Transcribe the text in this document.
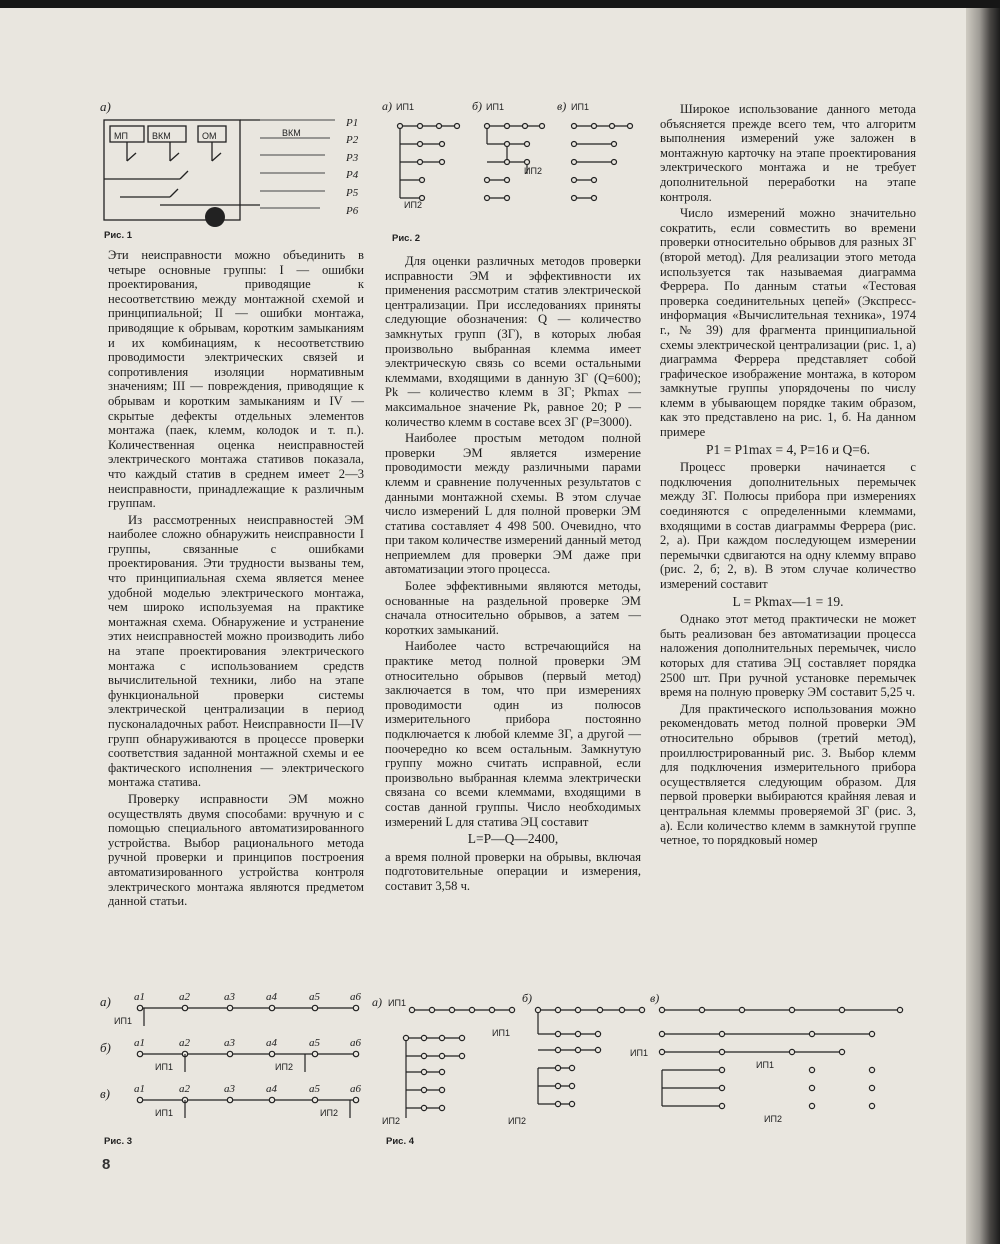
а)
МП	ВКМ	ОМ	ВКМ
Р1
Р2
Р3
Р4
Р5
Р6
Рис. 1
а)	б)	в)
ИП1	ИП1	ИП1
ИП2
ИП2
Рис. 2

Эти неисправности можно объединить в четыре основные группы: I — ошибки проектирования, приводящие к несоответствию между монтажной схемой и принципиальной; II — ошибки монтажа, приводящие к обрывам, коротким замыканиям и их комбинациям, к несоответствию проводимости электрических связей и сопротивления изоляции нормативным значениям; III — повреждения, приводящие к обрывам и коротким замыканиям и IV — скрытые дефекты отдельных элементов монтажа (паек, клемм, колодок и т. п.). Количественная оценка неисправностей электрического монтажа стативов показала, что каждый статив в среднем имеет 2—3 неисправности, принадлежащие к различным группам.

Из рассмотренных неисправностей ЭМ наиболее сложно обнаружить неисправности I группы, связанные с ошибками проектирования. Эти трудности вызваны тем, что принципиальная схема является менее удобной моделью электрического монтажа, чем широко используемая на практике монтажная схема. Обнаружение и устранение этих неисправностей можно производить либо на этапе проектирования электрического монтажа с использованием средств вычислительной техники, либо на этапе функциональной проверки системы электрической централизации в период пусконаладочных работ. Неисправности II—IV групп обнаруживаются в процессе проверки соответствия заданной монтажной схемы и ее фактического исполнения — электрического монтажа статива.

Проверку исправности ЭМ можно осуществлять двумя способами: вручную и с помощью специального автоматизированного устройства. Выбор рационального метода ручной проверки и принципов построения автоматизированного устройства контроля электрического монтажа являются предметом данной статьи.

Для оценки различных методов проверки исправности ЭМ и эффективности их применения рассмотрим статив электрической централизации. При исследованиях приняты следующие обозначения: Q — количество замкнутых групп (ЗГ), в которых любая произвольно выбранная клемма имеет электрическую связь со всеми остальными клеммами, входящими в данную ЗГ (Q=600); Pk — количество клемм в ЗГ; Pkmax — максимальное значение Pk, равное 20; P — количество клемм в составе всех ЗГ (P=3000).

Наиболее простым методом полной проверки ЭМ является измерение проводимости между различными парами клемм и сравнение полученных результатов с данными монтажной схемы. В этом случае число измерений L для полной проверки ЭМ статива составляет 4 498 500. Очевидно, что при таком количестве измерений данный метод неприемлем для проверки ЭМ даже при автоматизации этого процесса.

Более эффективными являются методы, основанные на раздельной проверке ЭМ сначала относительно обрывов, а затем — коротких замыканий.

Наиболее часто встречающийся на практике метод полной проверки ЭМ относительно обрывов (первый метод) заключается в том, что при измерениях проводимости один из полюсов измерительного прибора постоянно подключается к любой клемме ЗГ, а другой — поочередно ко всем остальным. Замкнутую группу можно считать исправной, если произвольно выбранная клемма электрически связана со всеми клеммами, входящими в состав данной группы. Число необходимых измерений L для статива ЭЦ составит

L=P—Q—2400,

а время полной проверки на обрывы, включая подготовительные операции и измерения, составит 3,58 ч.

Широкое использование данного метода объясняется прежде всего тем, что алгоритм выполнения измерений уже заложен в монтажную карточку на этапе проектирования электрического монтажа и не требует дополнительной переработки на этапе контроля.

Число измерений можно значительно сократить, если совместить во времени проверки относительно обрывов для разных ЗГ (второй метод). Для реализации этого метода используется так называемая диаграмма Феррера. По данным статьи «Тестовая проверка соединительных цепей» (Экспресс-информация «Вычислительная техника», 1974 г., № 39) для фрагмента принципиальной схемы электрической централизации (рис. 1, а) диаграмма Феррера представляет собой графическое изображение монтажа, в котором замкнутые группы упорядочены по числу клемм в убывающем порядке таким образом, как это представлено на рис. 1, б. На данном примере

P1 = P1max = 4, P=16 и Q=6.

Процесс проверки начинается с подключения дополнительных перемычек между ЗГ. Полюсы прибора при измерениях соединяются с определенными клеммами, входящими в состав диаграммы Феррера (рис. 2, а). При каждом последующем измерении перемычки сдвигаются на одну клемму вправо (рис. 2, б; 2, в). В этом случае количество измерений составит

L = Pkmax—1 = 19.

Однако этот метод практически не может быть реализован без автоматизации процесса наложения дополнительных перемычек, число которых для статива ЭЦ составляет порядка 2500 шт. При ручной установке перемычек время на полную проверку ЭМ составит 5,25 ч.

Для практического использования можно рекомендовать метод полной проверки ЭМ относительно обрывов (третий метод), проиллюстрированный рис. 3. Выбор клемм для подключения измерительного прибора осуществляется следующим образом. Для первой проверки выбираются крайняя левая и центральная клеммы проверяемой ЗГ (рис. 3, а). Если количество клемм в замкнутой группе четное, то порядковый номер

а) a1	a2	a3	a4	a5	a6
ИП1
б) a1	a2	a3	a4	a5	a6
ИП1	ИП2
в) a1	a2	a3	a4	a5	a6
ИП1	ИП2
Рис. 3
а)	б)	в)
ИП1
ИП1
ИП1
ИП1
ИП2	ИП2	ИП2
Рис. 4
8
